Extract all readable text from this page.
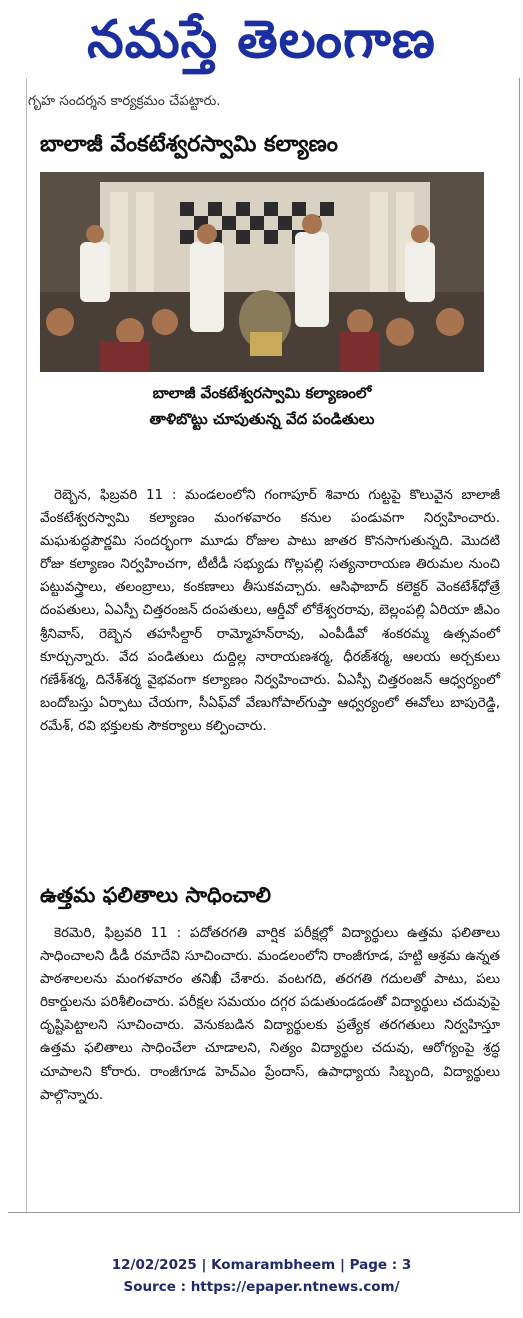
నమస్తే తెలంగాణ
గృహ సందర్శన కార్యక్రమం చేపట్టారు.
బాలాజీ వేంకటేశ్వరస్వామి కల్యాణం
బాలాజీ వేంకటేశ్వరస్వామి కల్యాణంలో
తాళిబొట్టు చూపుతున్న వేద పండితులు

రెబ్బెన, ఫిబ్రవరి 11 : మండలంలోని గంగాపూర్ శివారు గుట్టపై కొలువైన బాలాజీ వేంకటేశ్వరస్వామి కల్యాణం మంగళవారం కనుల పండువగా నిర్వహించారు. మఘశుద్ధపౌర్ణమి సందర్భంగా మూడు రోజుల పాటు జాతర కొనసాగుతున్నది. మొదటి రోజు కల్యాణం నిర్వహించగా, టీటీడీ సభ్యుడు గొల్లపల్లి సత్యనారాయణ తిరుమల నుంచి పట్టువస్త్రాలు, తలంబ్రాలు, కంకణాలు తీసుకవచ్చారు. ఆసిఫాబాద్ కలెక్టర్ వెంకటేశ్‌ధోత్రే దంపతులు, ఏఎస్పీ చిత్తరంజన్ దంపతులు, ఆర్డీవో లోకేశ్వరరావు, బెల్లంపల్లి ఏరియా జీఎం శ్రీనివాస్, రెబ్బెన తహసీల్దార్ రామ్మోహన్‌రావు, ఎంపీడీవో శంకరమ్మ ఉత్సవంలో కూర్చున్నారు. వేద పండితులు దుద్దిల్ల నారాయణశర్మ, ధీరజ్‌శర్మ, ఆలయ అర్చకులు గణేశ్‌శర్మ, దినేశ్‌శర్మ వైభవంగా కల్యాణం నిర్వహించారు. ఏఎస్పీ చిత్తరంజన్ ఆధ్వర్యంలో బందోబస్తు ఏర్పాటు చేయగా, సీఏఫ్‌వో వేణుగోపాల్‌గుప్తా ఆధ్వర్యంలో ఈవోలు బాపురెడ్డి, రమేశ్, రవి భక్తులకు సౌకర్యాలు కల్పించారు.

ఉత్తమ ఫలితాలు సాధించాలి

కెరమెరి, ఫిబ్రవరి 11 : పదోతరగతి వార్షిక పరీక్షల్లో విద్యార్థులు ఉత్తమ ఫలితాలు సాధించాలని డీడీ రమాదేవి సూచించారు. మండలంలోని రాంజీగూడ, హట్టి ఆశ్రమ ఉన్నత పాఠశాలలను మంగళవారం తనిఖీ చేశారు. వంటగది, తరగతి గదులతో పాటు, పలు రికార్డులను పరిశీలించారు. పరీక్షల సమయం దగ్గర పడుతుండడంతో విద్యార్థులు చదువుపై దృష్టిపెట్టాలని సూచించారు. వెనుకబడిన విద్యార్థులకు ప్రత్యేక తరగతులు నిర్వహిస్తూ ఉత్తమ ఫలితాలు సాధించేలా చూడాలని, నిత్యం విద్యార్థుల చదువు, ఆరోగ్యంపై శ్రద్ధ చూపాలని కోరారు. రాంజీగూడ హెచ్ఎం ప్రేందాస్, ఉపాధ్యాయ సిబ్బంది, విద్యార్థులు పాల్గొన్నారు.

12/02/2025 | Komarambheem | Page : 3
Source : https://epaper.ntnews.com/
